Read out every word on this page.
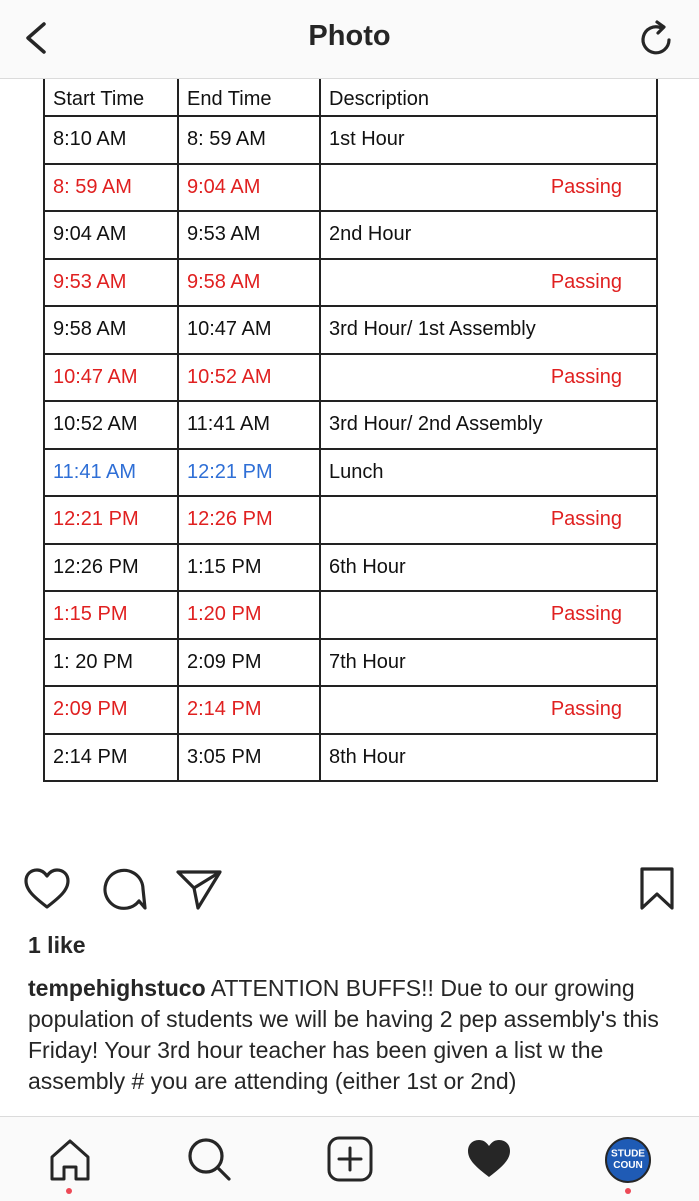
Photo
Start Time	End Time	Description
8:10 AM	8: 59 AM	1st Hour
8: 59 AM	9:04 AM	Passing
9:04 AM	9:53 AM	2nd Hour
9:53 AM	9:58 AM	Passing
9:58 AM	10:47 AM	3rd Hour/ 1st Assembly
10:47 AM	10:52 AM	Passing
10:52 AM	11:41 AM	3rd Hour/ 2nd Assembly
11:41 AM	12:21 PM	Lunch
12:21 PM	12:26 PM	Passing
12:26 PM	1:15 PM	6th Hour
1:15 PM	1:20 PM	Passing
1: 20 PM	2:09 PM	7th Hour
2:09 PM	2:14 PM	Passing
2:14 PM	3:05 PM	8th Hour
1 like
tempehighstuco ATTENTION BUFFS!! Due to our growing population of students we will be having 2 pep assembly's this Friday! Your 3rd hour teacher has been given a list w the assembly # you are attending (either 1st or 2nd)
STUDE
COUN
